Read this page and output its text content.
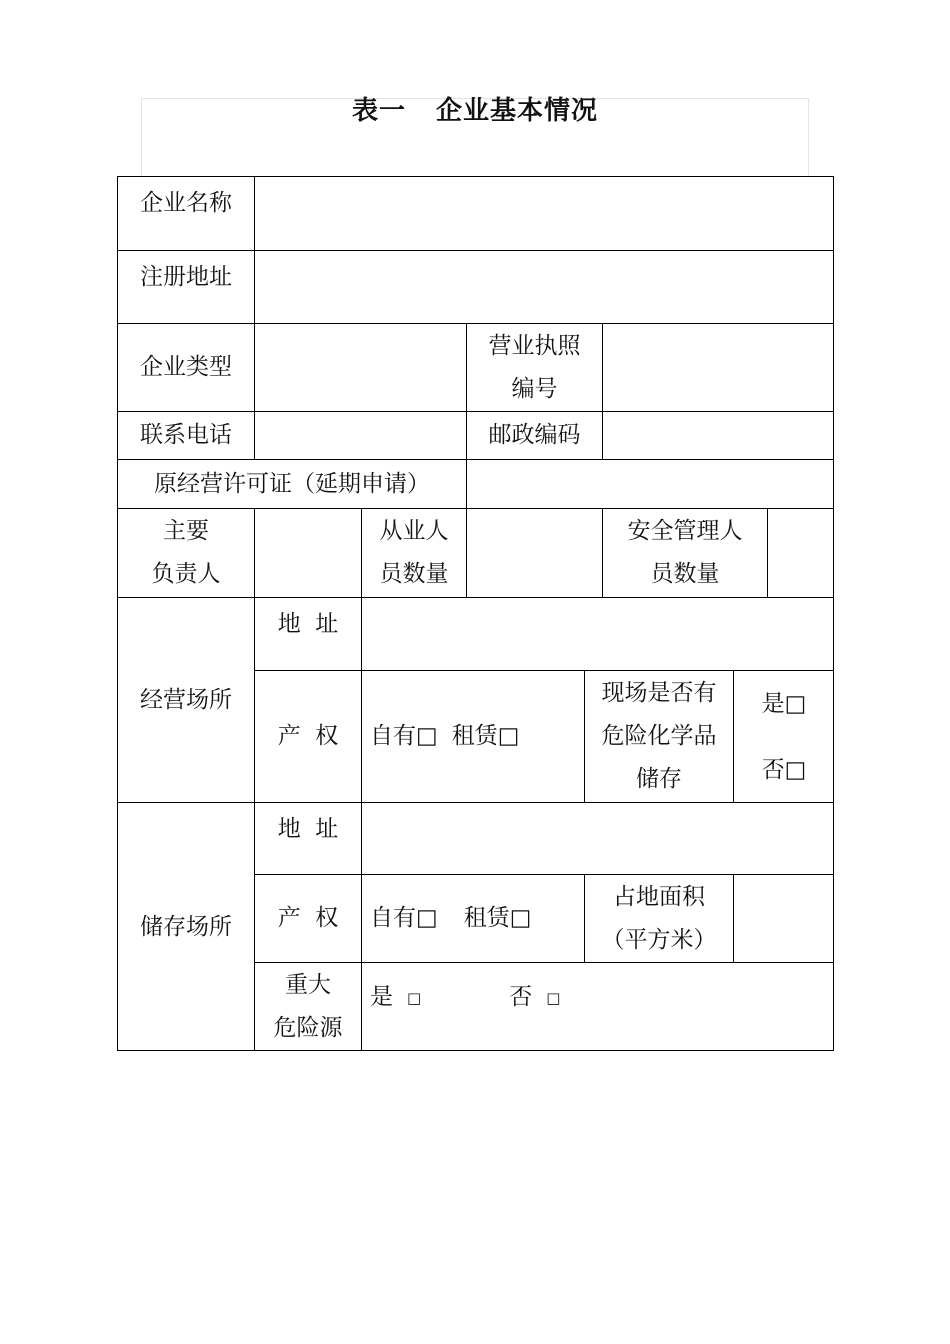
表一 企业基本情况
企业名称
注册地址
企业类型
营业执照
编号
联系电话	邮政编码
原经营许可证（延期申请）
主要
负责人
从业人
员数量
安全管理人
员数量
经营场所
地  址
产  权 自有□ 租赁□
现场是否有
危险化学品
储存
是□
否□
储存场所
地  址
产  权 自有□ 租赁□
占地面积
（平方米）
重大
危险源
是 □	否 □
